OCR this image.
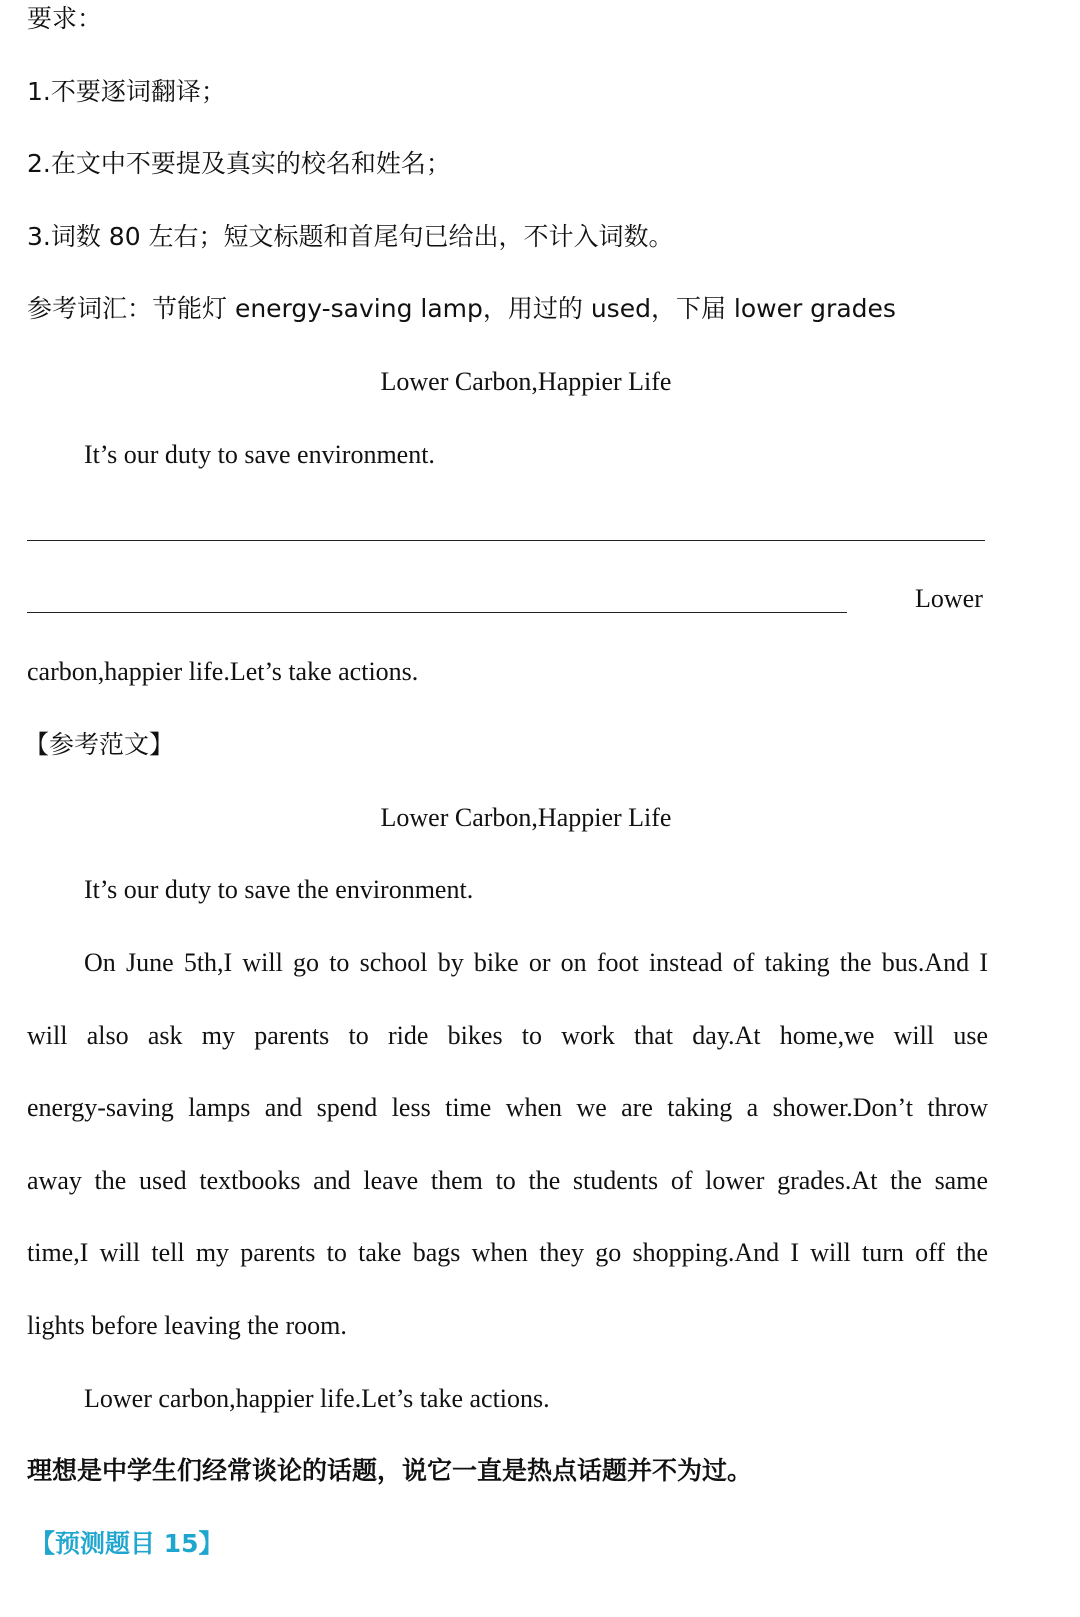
要求：
1.不要逐词翻译；
2.在文中不要提及真实的校名和姓名；
3.词数 80 左右；短文标题和首尾句已给出，不计入词数。
参考词汇：节能灯 energy-saving lamp，用过的 used，下届 lower grades
Lower Carbon,Happier Life
It’s our duty to save environment.
Lower
carbon,happier life.Let’s take actions.
【参考范文】
Lower Carbon,Happier Life
It’s our duty to save the environment.
On June 5th,I will go to school by bike or on foot instead of taking the bus.And I
will also ask my parents to ride bikes to work that day.At home,we will use
energy-saving lamps and spend less time when we are taking a shower.Don’t throw
away the used textbooks and leave them to the students of lower grades.At the same
time,I will tell my parents to take bags when they go shopping.And I will turn off the
lights before leaving the room.
Lower carbon,happier life.Let’s take actions.
理想是中学生们经常谈论的话题，说它一直是热点话题并不为过。
【预测题目 15】
